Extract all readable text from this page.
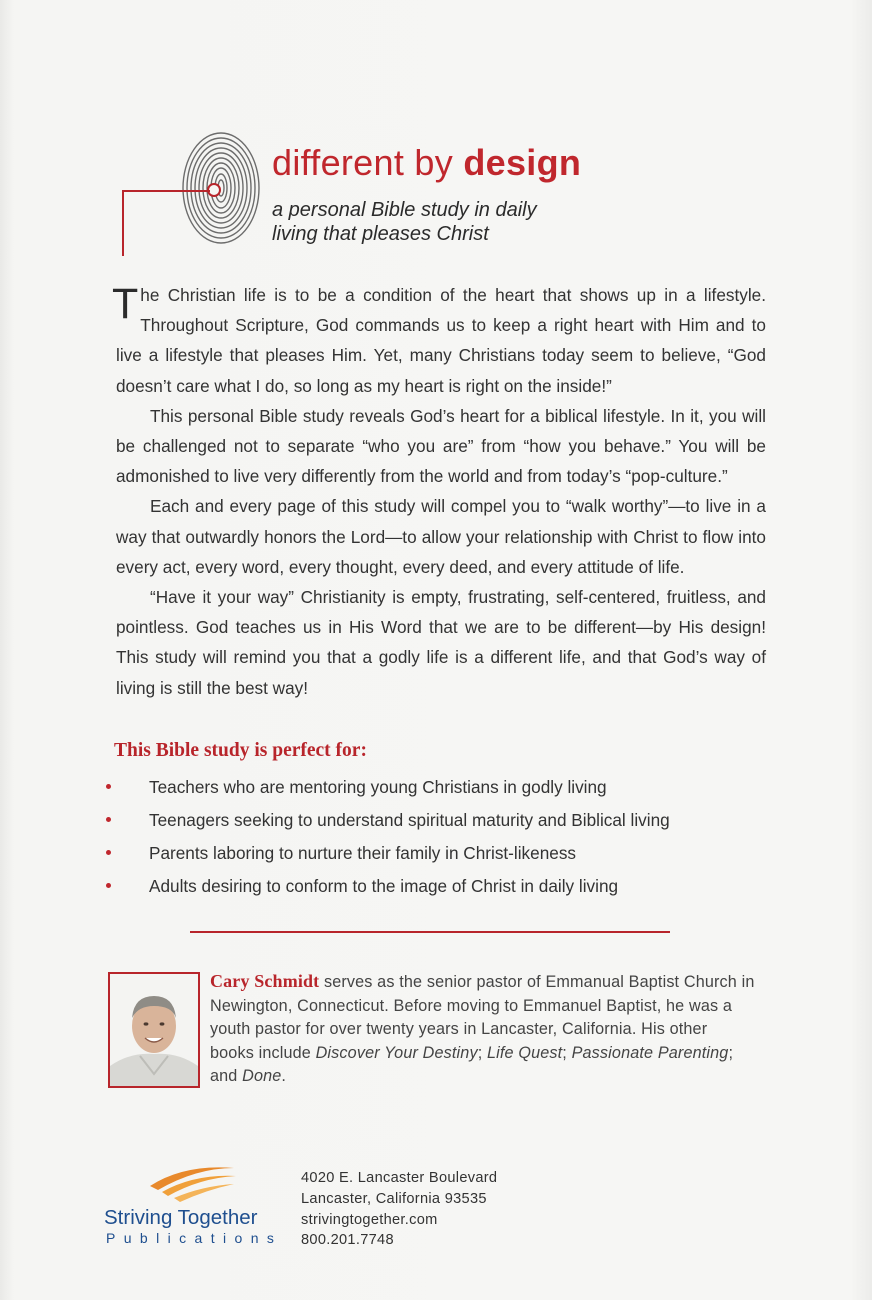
different by design
a personal Bible study in daily
living that pleases Christ

The Christian life is to be a condition of the heart that shows up in a lifestyle. Throughout Scripture, God commands us to keep a right heart with Him and to live a lifestyle that pleases Him. Yet, many Christians today seem to believe, “God doesn’t care what I do, so long as my heart is right on the inside!”

This personal Bible study reveals God’s heart for a biblical lifestyle. In it, you will be challenged not to separate “who you are” from “how you behave.” You will be admonished to live very differently from the world and from today’s “pop-culture.”

Each and every page of this study will compel you to “walk worthy”—to live in a way that outwardly honors the Lord—to allow your relationship with Christ to flow into every act, every word, every thought, every deed, and every attitude of life.

“Have it your way” Christianity is empty, frustrating, self-centered, fruitless, and pointless. God teaches us in His Word that we are to be different—by His design! This study will remind you that a godly life is a different life, and that God’s way of living is still the best way!

This Bible study is perfect for:
Teachers who are mentoring young Christians in godly living
Teenagers seeking to understand spiritual maturity and Biblical living
Parents laboring to nurture their family in Christ-likeness
Adults desiring to conform to the image of Christ in daily living
Cary Schmidt serves as the senior pastor of Emmanual Baptist Church in Newington, Connecticut. Before moving to Emmanuel Baptist, he was a youth pastor for over twenty years in Lancaster, California. His other books include Discover Your Destiny; Life Quest; Passionate Parenting; and Done.
Striving Together
Publications
4020 E. Lancaster Boulevard
Lancaster, California 93535
strivingtogether.com
800.201.7748
